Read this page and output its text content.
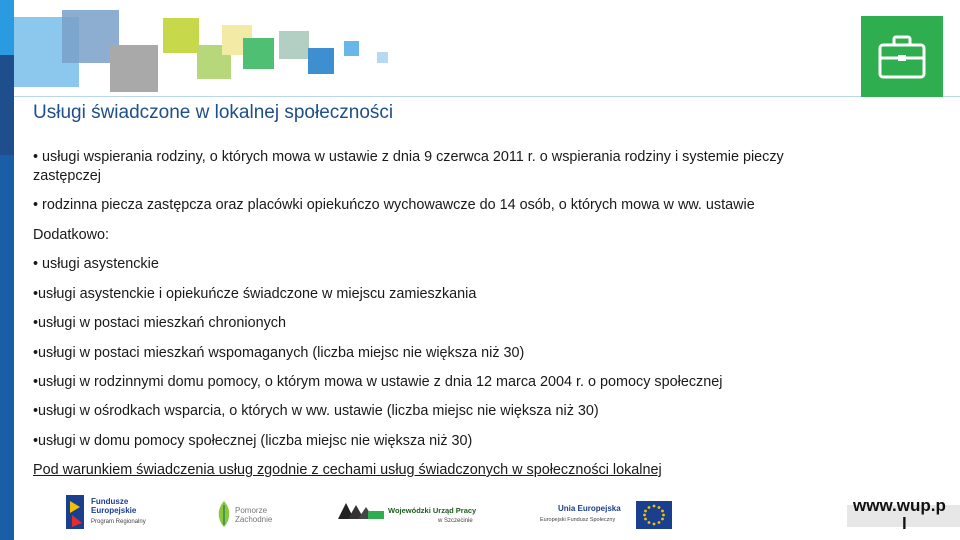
Usługi świadczone w lokalnej społeczności
• usługi wspierania rodziny, o których mowa w ustawie z dnia 9 czerwca 2011 r. o wspierania rodziny i systemie pieczy
zastępczej
• rodzinna piecza zastępcza oraz placówki opiekuńczo wychowawcze do 14 osób, o których mowa w ww. ustawie
Dodatkowo:
• usługi asystenckie
•usługi asystenckie i opiekuńcze świadczone w miejscu zamieszkania
•usługi w postaci mieszkań chronionych
•usługi w postaci mieszkań wspomaganych (liczba miejsc nie większa niż 30)
•usługi w rodzinnymi domu pomocy, o którym mowa w ustawie z dnia 12 marca 2004 r. o pomocy społecznej
•usługi w ośrodkach wsparcia, o których w ww. ustawie (liczba miejsc nie większa niż 30)
•usługi w domu pomocy społecznej (liczba miejsc nie większa niż 30)
Pod warunkiem świadczenia usług zgodnie z cechami usług świadczonych w społeczności lokalnej
Fundusze
Europejskie
Program Regionalny
Pomorze
Zachodnie
Wojewódzki Urząd Pracy
w Szczecinie
Unia Europejska
Europejski Fundusz Społeczny
www.wup.p
l
